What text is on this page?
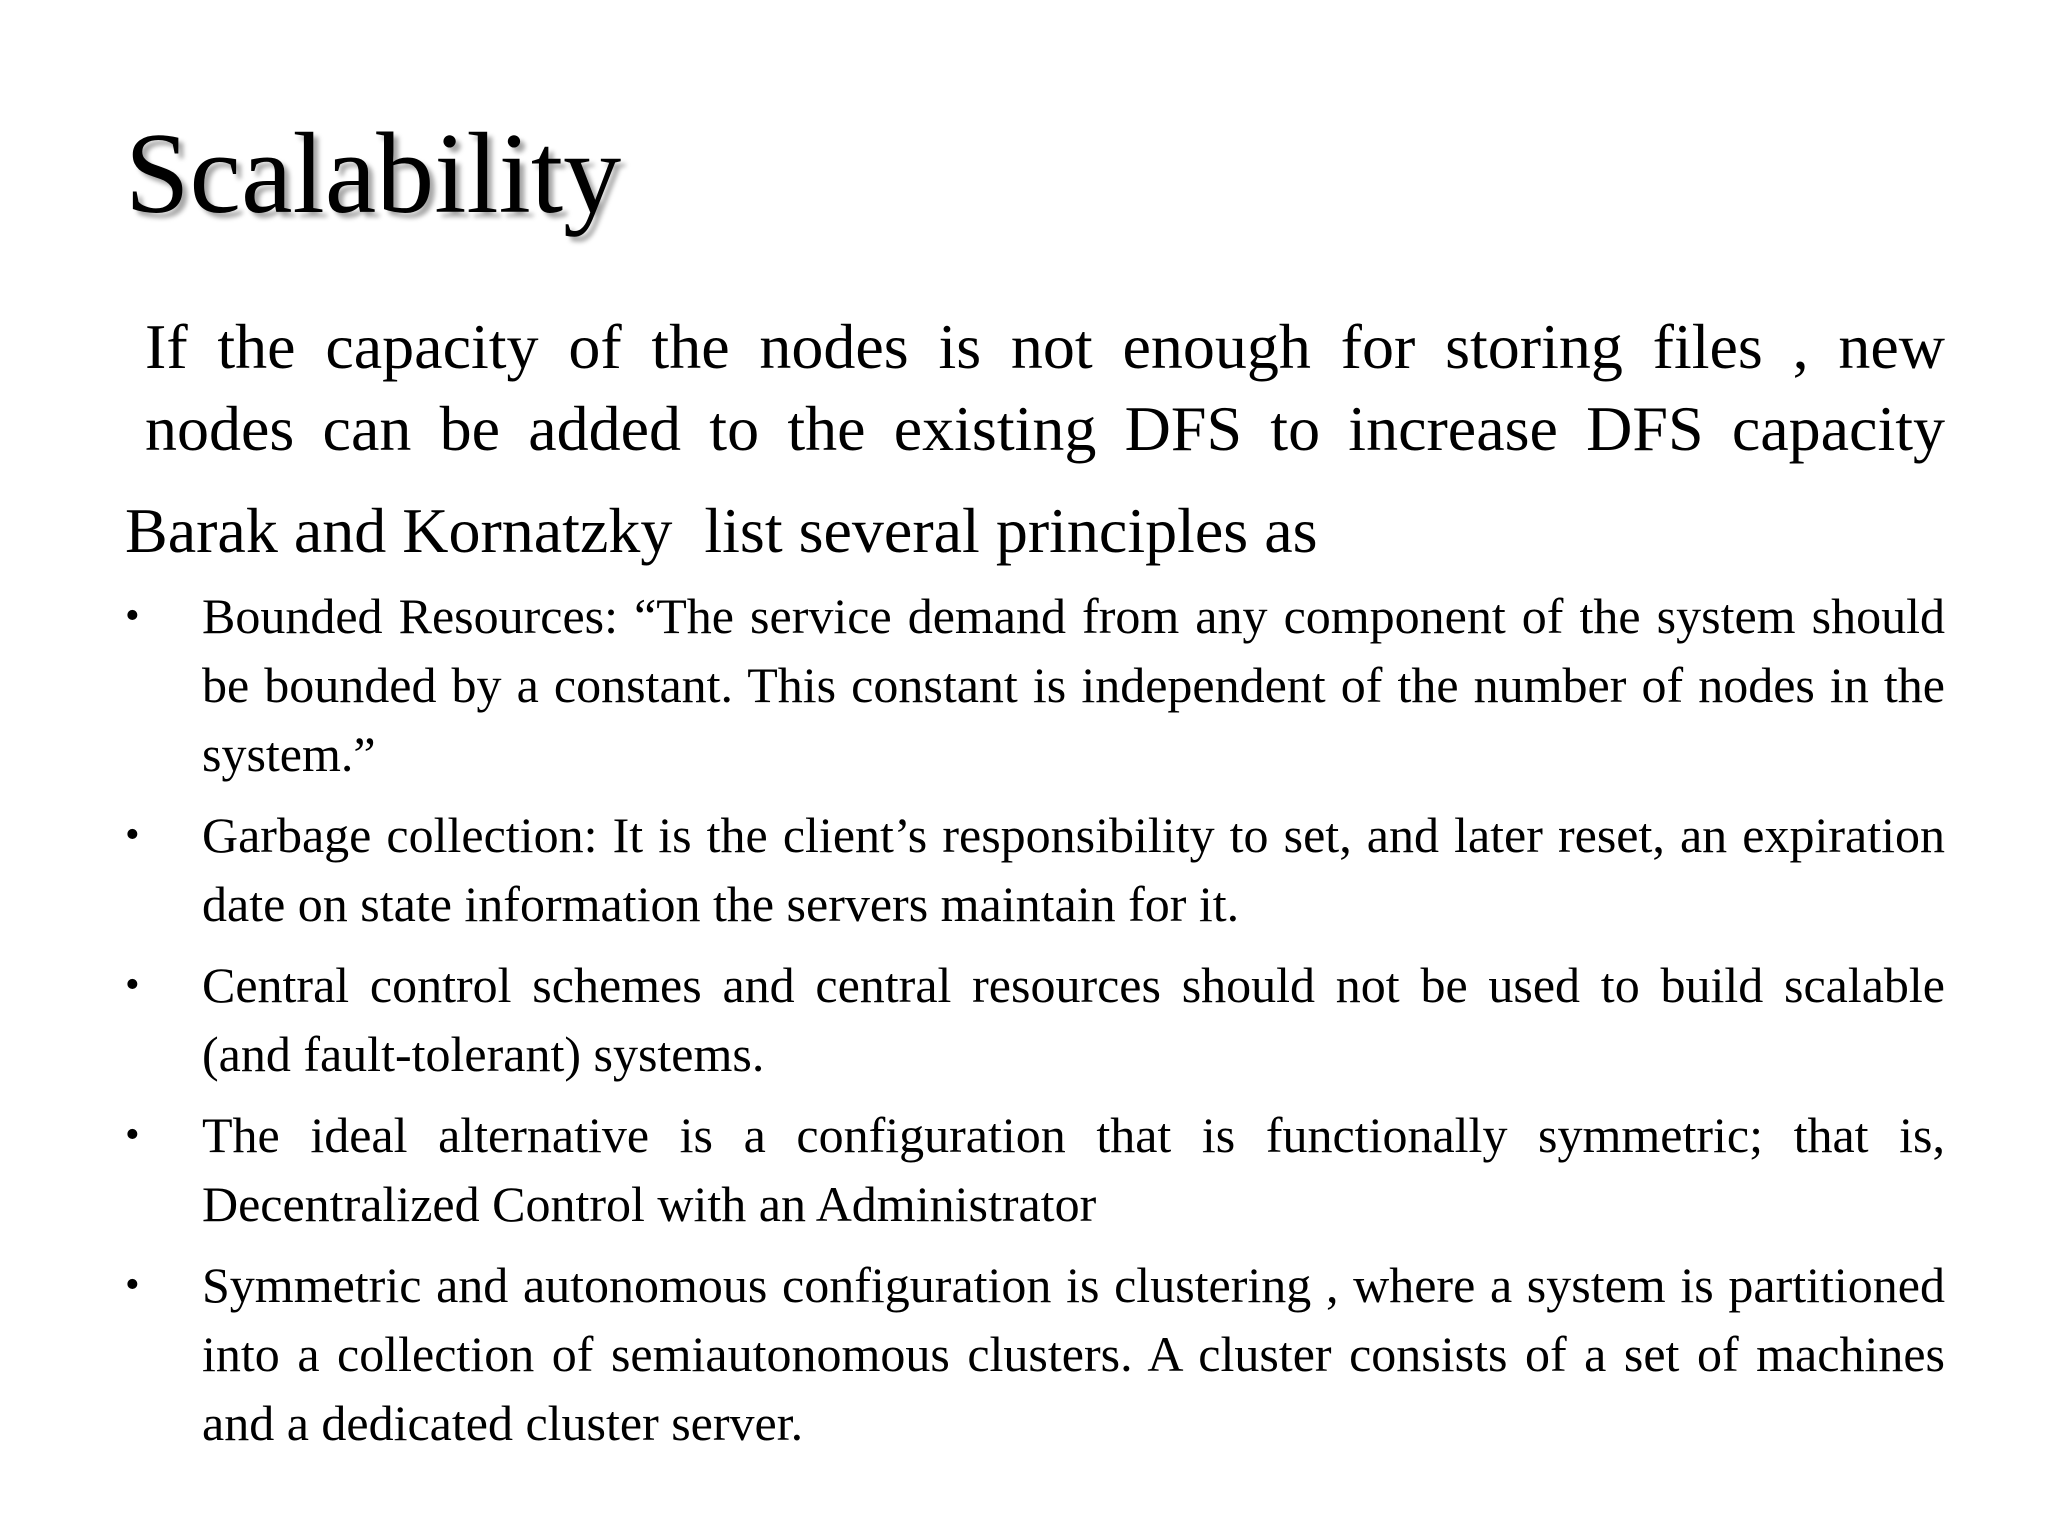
Scalability

If the capacity of the nodes is not enough for storing files , new
nodes can be added to the existing DFS to increase DFS capacity

Barak and Kornatzky  list several principles as

•	Bounded Resources: “The service demand from any component of the system should be bounded by a constant. This constant is independent of the number of nodes in the system.”
•	Garbage collection: It is the client’s responsibility to set, and later reset, an expiration date on state information the servers maintain for it.
•	Central control schemes and central resources should not be used to build scalable (and fault-tolerant) systems.
•	The ideal alternative is a configuration that is functionally symmetric; that is, Decentralized Control with an Administrator
•	Symmetric and autonomous configuration is clustering , where a system is partitioned into a collection of semiautonomous clusters. A cluster consists of a set of machines and a dedicated cluster server.
